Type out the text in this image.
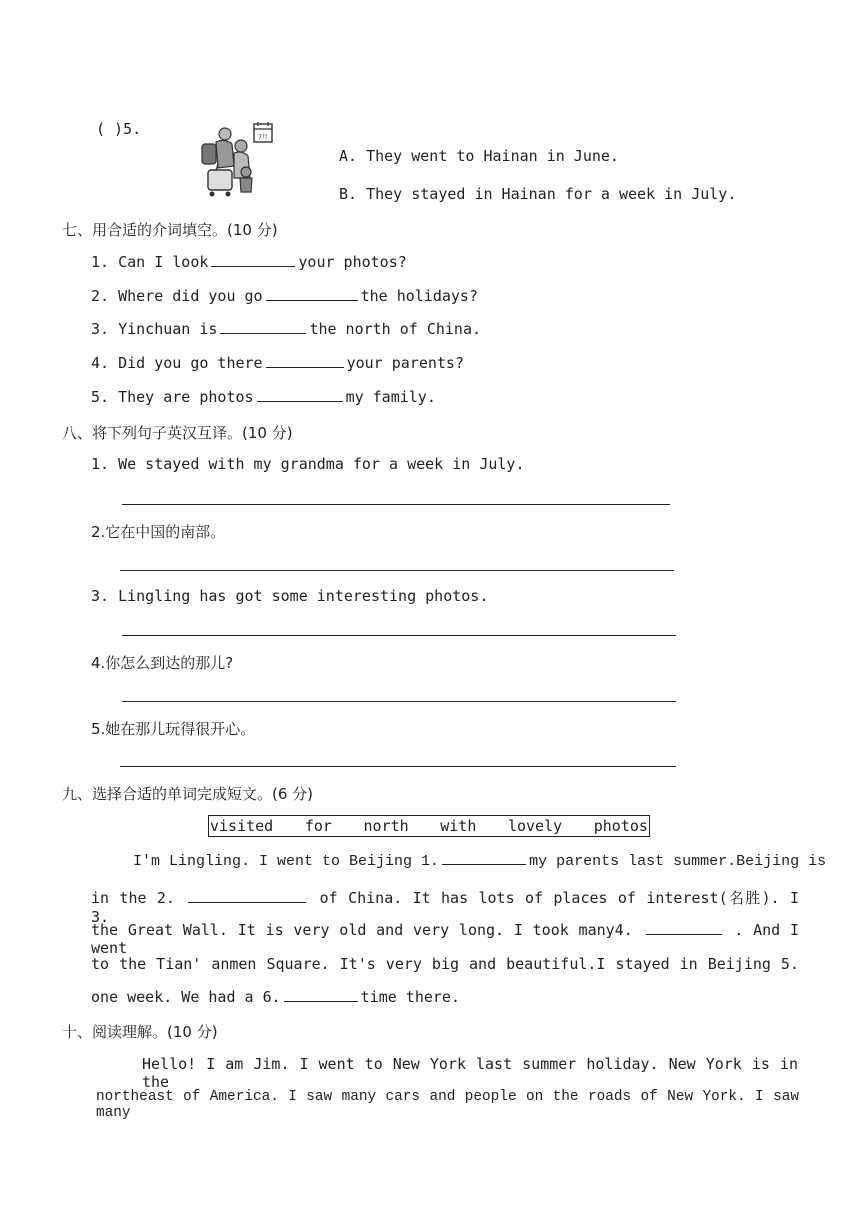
( )5.	7月
A. They went to Hainan in June.
B. They stayed in Hainan for a week in July.
七、用合适的介词填空。(10 分)
1. Can I look	your photos?
2. Where did you go	the holidays?
3. Yinchuan is	the north of China.
4. Did you go there	your parents?
5. They are photos	my family.
八、将下列句子英汉互译。(10 分)
1. We stayed with my grandma for a week in July.
2.它在中国的南部。
3. Lingling has got some interesting photos.
4.你怎么到达的那儿?
5.她在那儿玩得很开心。
九、选择合适的单词完成短文。(6 分)
visited for north with lovely photos
I'm Lingling. I went to Beijing 1.	my parents last summer.Beijing is
in the 2.	of China. It has lots of places of interest(名胜). I 3.
the Great Wall. It is very old and very long. I took many4.	. And I went
to the Tian' anmen Square. It's very big and beautiful.I stayed in Beijing 5.
one week. We had a 6.	time there.
十、阅读理解。(10 分)
Hello! I am Jim. I went to New York last summer holiday. New York is in the
northeast of America. I saw many cars and people on the roads of New York. I saw many
